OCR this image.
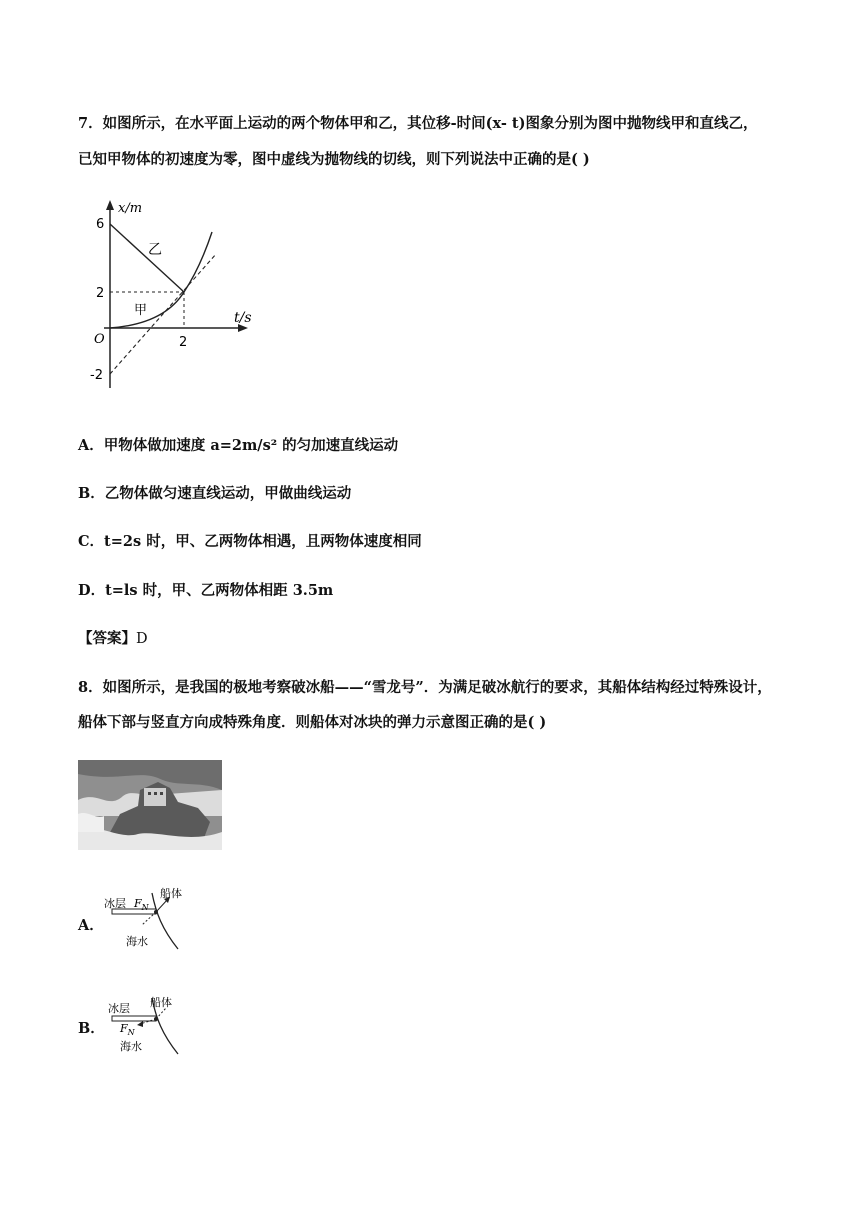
7．如图所示，在水平面上运动的两个物体甲和乙，其位移-时间(x- t)图象分别为图中抛物线甲和直线乙，
已知甲物体的初速度为零，图中虚线为抛物线的切线，则下列说法中正确的是( )
x/m
t/s
6
2
-2
2
O
乙
甲
A．甲物体做加速度 a=2m/s² 的匀加速直线运动
B．乙物体做匀速直线运动，甲做曲线运动
C．t=2s 时，甲、乙两物体相遇，且两物体速度相同
D．t=ls 时，甲、乙两物体相距 3.5m
【答案】D
8．如图所示，是我国的极地考察破冰船——“雪龙号”．为满足破冰航行的要求，其船体结构经过特殊设计，
船体下部与竖直方向成特殊角度．则船体对冰块的弹力示意图正确的是( )
A．
冰层 $F_N$
船体
海水
B．
冰层
$F_N$
船体
海水
